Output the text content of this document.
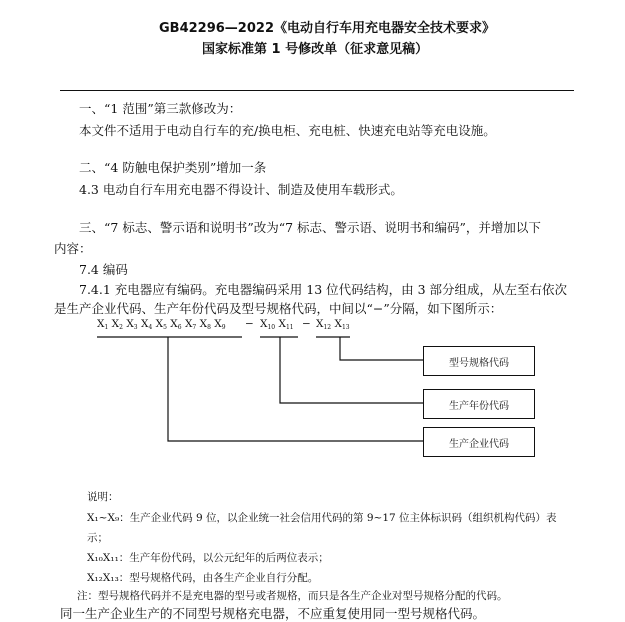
GB42296—2022《电动自行车用充电器安全技术要求》
国家标准第 1 号修改单（征求意见稿）
一、“1 范围”第三款修改为：
本文件不适用于电动自行车的充/换电柜、充电桩、快速充电站等充电设施。
二、“4 防触电保护类别”增加一条
4.3 电动自行车用充电器不得设计、制造及使用车载形式。
三、“7 标志、警示语和说明书”改为“7 标志、警示语、说明书和编码”，并增加以下
内容：
7.4 编码
7.4.1 充电器应有编码。充电器编码采用 13 位代码结构，由 3 部分组成，从左至右依次
是生产企业代码、生产年份代码及型号规格代码，中间以“−”分隔，如下图所示：
$X_1$ $X_2$ $X_3$ $X_4$ $X_5$ $X_6$ $X_7$ $X_8$ $X_9 - X_{10}$ $X_{11} - X_{12}$ $X_{13}$
型号规格代码
生产年份代码
生产企业代码
说明：
X₁~X₉：生产企业代码 9 位，以企业统一社会信用代码的第 9~17 位主体标识码（组织机构代码）表
示；
X₁₀X₁₁：生产年份代码，以公元纪年的后两位表示；
X₁₂X₁₃：型号规格代码，由各生产企业自行分配。
注：型号规格代码并不是充电器的型号或者规格，而只是各生产企业对型号规格分配的代码。
同一生产企业生产的不同型号规格充电器，不应重复使用同一型号规格代码。
